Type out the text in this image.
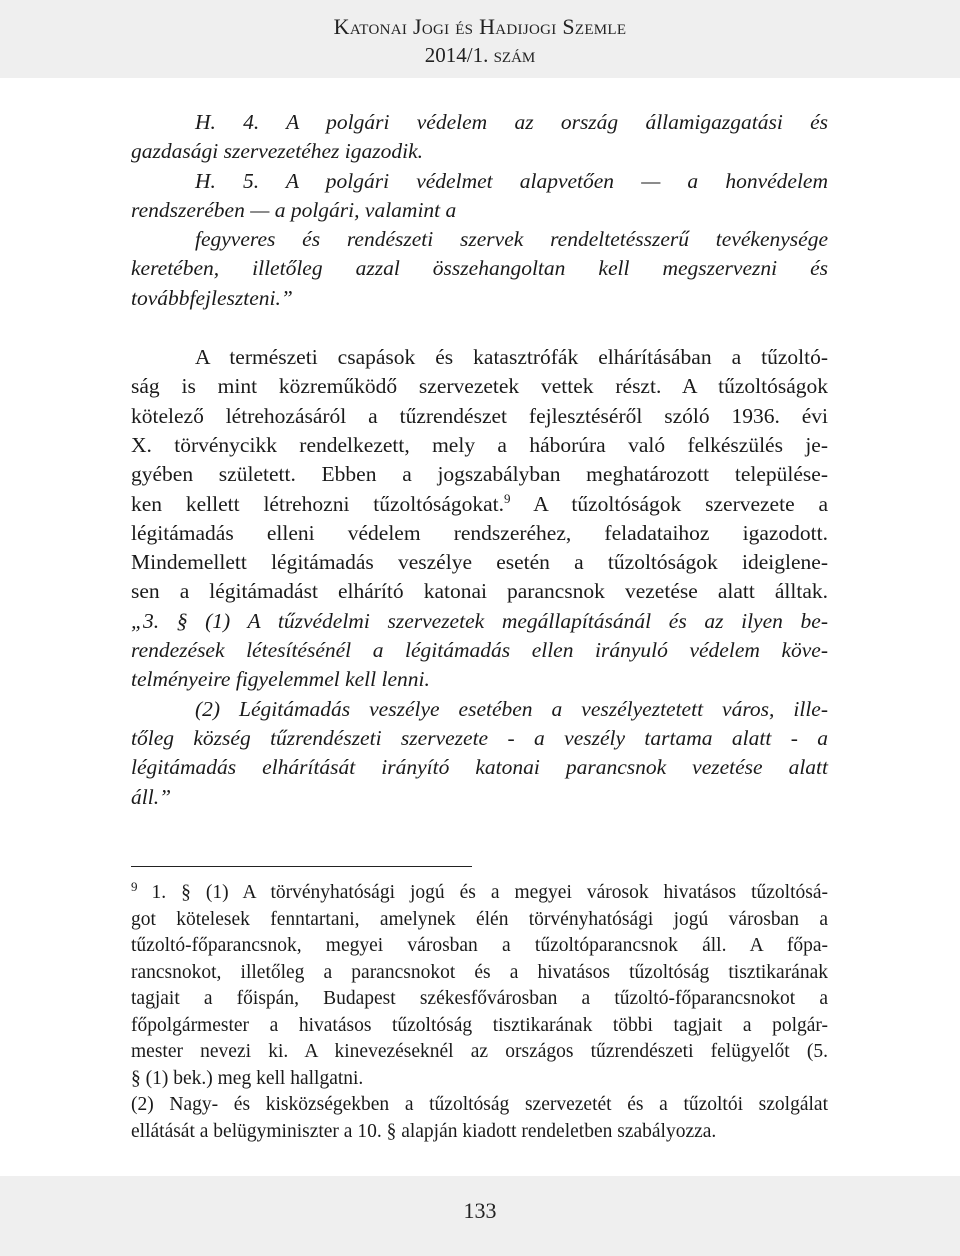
Katonai Jogi és Hadijogi Szemle
2014/1. szám
H. 4. A polgári védelem az ország államigazgatási és
gazdasági szervezetéhez igazodik.
H. 5. A polgári védelmet alapvetően — a honvédelem
rendszerében — a polgári, valamint a
fegyveres és rendészeti szervek rendeltetésszerű tevékenysége
keretében, illetőleg azzal összehangoltan kell megszervezni és
továbbfejleszteni.”
A természeti csapások és katasztrófák elhárításában a tűzoltó-
ság is mint közreműködő szervezetek vettek részt. A tűzoltóságok
kötelező létrehozásáról a tűzrendészet fejlesztéséről szóló 1936. évi
X. törvénycikk rendelkezett, mely a háborúra való felkészülés je-
gyében született. Ebben a jogszabályban meghatározott települése-
ken kellett létrehozni tűzoltóságokat.$^9$ A tűzoltóságok szervezete a
légitámadás elleni védelem rendszeréhez, feladataihoz igazodott.
Mindemellett légitámadás veszélye esetén a tűzoltóságok ideiglene-
sen a légitámadást elhárító katonai parancsnok vezetése alatt álltak.
„3. § (1) A tűzvédelmi szervezetek megállapításánál és az ilyen be-
rendezések létesítésénél a légitámadás ellen irányuló védelem köve-
telményeire figyelemmel kell lenni.
(2) Légitámadás veszélye esetében a veszélyeztetett város, ille-
tőleg község tűzrendészeti szervezete - a veszély tartama alatt - a
légitámadás elhárítását irányító katonai parancsnok vezetése alatt
áll.”
$^9$ 1. § (1) A törvényhatósági jogú és a megyei városok hivatásos tűzoltósá-
got kötelesek fenntartani, amelynek élén törvényhatósági jogú városban a
tűzoltó-főparancsnok, megyei városban a tűzoltóparancsnok áll. A főpa-
rancsnokot, illetőleg a parancsnokot és a hivatásos tűzoltóság tisztikarának
tagjait a főispán, Budapest székesfővárosban a tűzoltó-főparancsnokot a
főpolgármester a hivatásos tűzoltóság tisztikarának többi tagjait a polgár-
mester nevezi ki. A kinevezéseknél az országos tűzrendészeti felügyelőt (5.
§ (1) bek.) meg kell hallgatni.
(2) Nagy- és kisközségekben a tűzoltóság szervezetét és a tűzoltói szolgálat
ellátását a belügyminiszter a 10. § alapján kiadott rendeletben szabályozza.
133
